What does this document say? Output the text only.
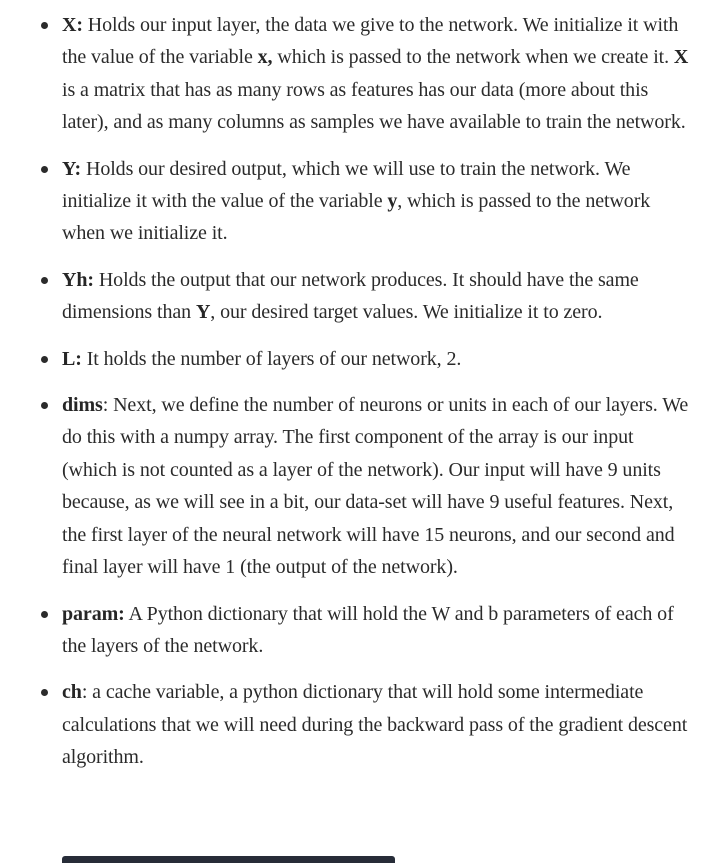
X: Holds our input layer, the data we give to the network. We initialize it with the value of the variable x, which is passed to the network when we create it. X is a matrix that has as many rows as features has our data (more about this later), and as many columns as samples we have available to train the network.
Y: Holds our desired output, which we will use to train the network. We initialize it with the value of the variable y, which is passed to the network when we initialize it.
Yh: Holds the output that our network produces. It should have the same dimensions than Y, our desired target values. We initialize it to zero.
L: It holds the number of layers of our network, 2.
dims: Next, we define the number of neurons or units in each of our layers. We do this with a numpy array. The first component of the array is our input (which is not counted as a layer of the network). Our input will have 9 units because, as we will see in a bit, our data-set will have 9 useful features. Next, the first layer of the neural network will have 15 neurons, and our second and final layer will have 1 (the output of the network).
param: A Python dictionary that will hold the W and b parameters of each of the layers of the network.
ch: a cache variable, a python dictionary that will hold some intermediate calculations that we will need during the backward pass of the gradient descent algorithm.
